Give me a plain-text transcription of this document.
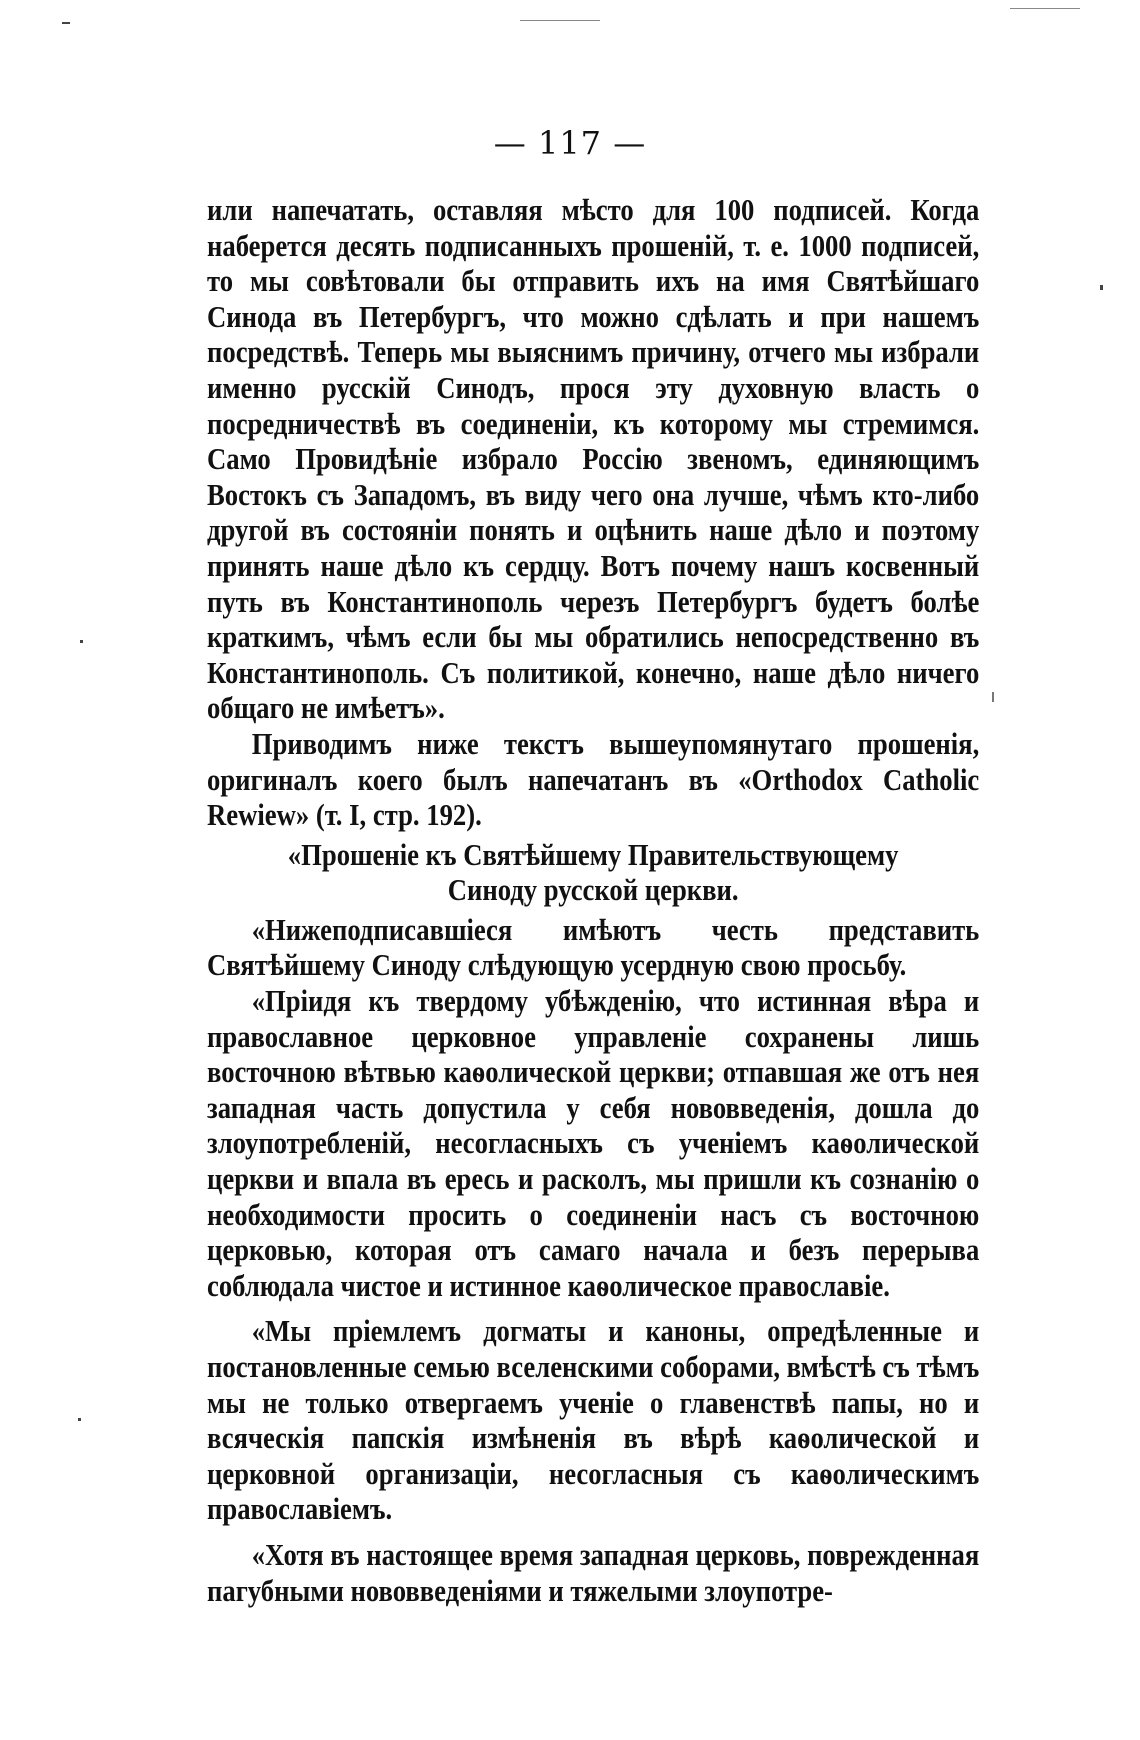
— 117 —

или напечатать, оставляя мѣсто для 100 подписей. Когда наберется десять подписанныхъ прошеній, т. е. 1000 подписей, то мы совѣтовали бы отправить ихъ на имя Святѣйшаго Синода въ Петербургъ, что можно сдѣлать и при нашемъ посредствѣ. Теперь мы выяснимъ причину, отчего мы избрали именно русскій Синодъ, прося эту духовную власть о посредничествѣ въ соединеніи, къ которому мы стремимся. Само Провидѣніе избрало Россію звеномъ, единяющимъ Востокъ съ Западомъ, въ виду чего она лучше, чѣмъ кто-либо другой въ состояніи понять и оцѣнить наше дѣло и поэтому принять наше дѣло къ сердцу. Вотъ почему нашъ косвенный путь въ Константинополь черезъ Петербургъ будетъ болѣе краткимъ, чѣмъ если бы мы обратились непосредственно въ Константинополь. Съ политикой, конечно, наше дѣло ничего общаго не имѣетъ».

Приводимъ ниже текстъ вышеупомянутаго прошенія, оригиналъ коего былъ напечатанъ въ «Orthodox Catholic Rewiew» (т. I, стр. 192).

«Прошеніе къ Святѣйшему Правительствующему
Синоду русской церкви.

«Нижеподписавшіеся имѣютъ честь представить Святѣйшему Синоду слѣдующую усердную свою просьбу.

«Пріидя къ твердому убѣжденію, что истинная вѣра и православное церковное управленіе сохранены лишь восточною вѣтвью каѳолической церкви; отпавшая же отъ нея западная часть допустила у себя нововведенія, дошла до злоупотребленій, несогласныхъ съ ученіемъ каѳолической церкви и впала въ ересь и расколъ, мы пришли къ сознанію о необходимости просить о соединеніи насъ съ восточною церковью, которая отъ самаго начала и безъ перерыва соблюдала чистое и истинное каѳолическое православіе.

«Мы пріемлемъ догматы и каноны, опредѣленные и постановленные семью вселенскими соборами, вмѣстѣ съ тѣмъ мы не только отвергаемъ ученіе о главенствѣ папы, но и всяческія папскія измѣненія въ вѣрѣ каѳолической и церковной организаціи, несогласныя съ каѳолическимъ православіемъ.

«Хотя въ настоящее время западная церковь, поврежденная пагубными нововведеніями и тяжелыми злоупотре-
